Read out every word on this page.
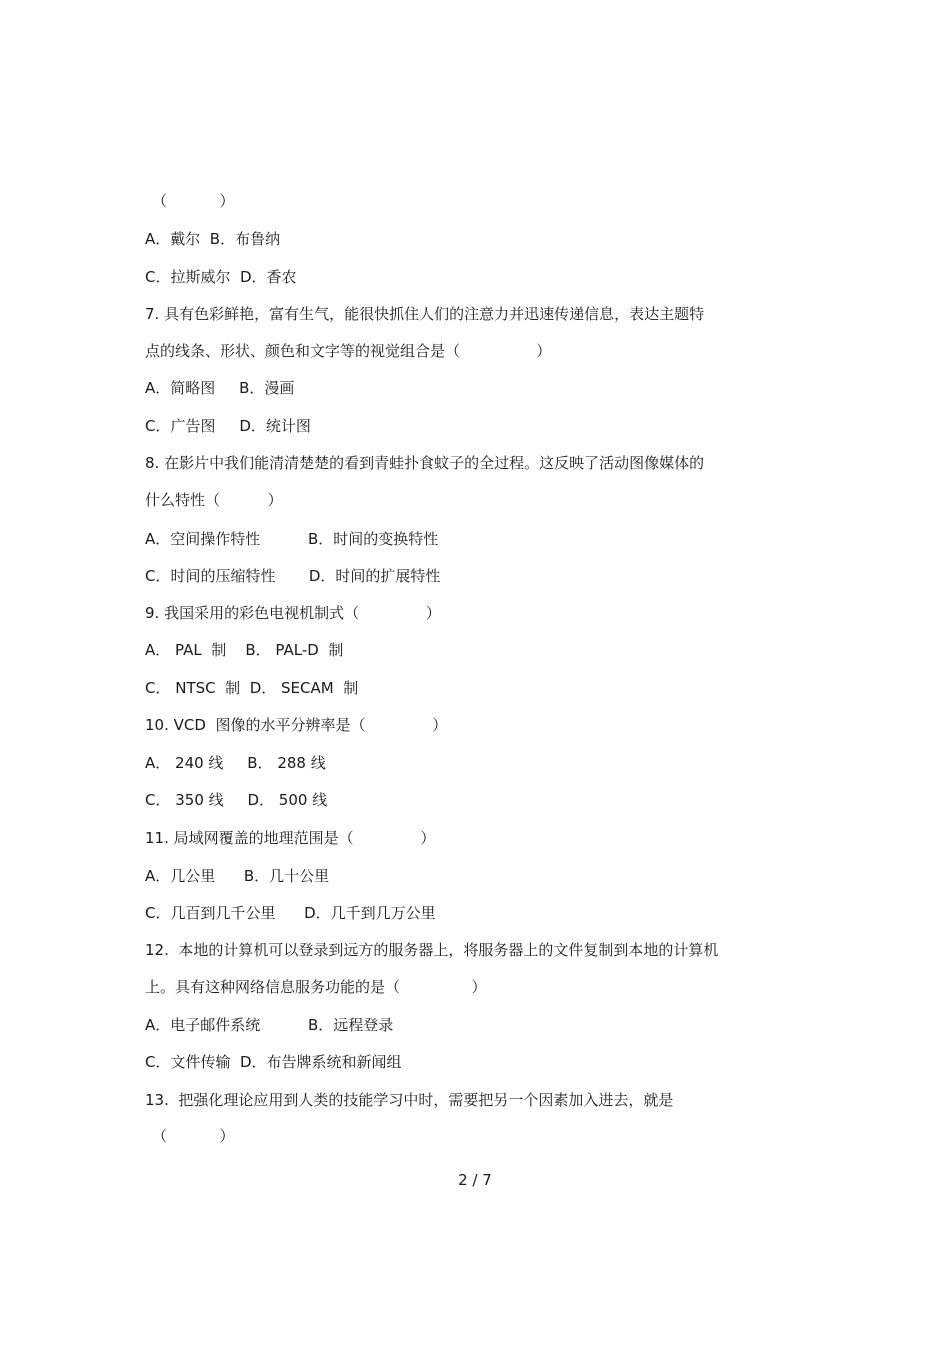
（           ）
A．戴尔  B．布鲁纳
C．拉斯威尔  D．香农
7. 具有色彩鲜艳，富有生气，能很快抓住人们的注意力并迅速传递信息，表达主题特
点的线条、形状、颜色和文字等的视觉组合是（                ）
A．简略图     B．漫画
C．广告图     D．统计图
8. 在影片中我们能清清楚楚的看到青蛙扑食蚊子的全过程。这反映了活动图像媒体的
什么特性（          ）
A．空间操作特性          B．时间的变换特性
C．时间的压缩特性       D．时间的扩展特性
9. 我国采用的彩色电视机制式（              ）
A． PAL  制    B． PAL-D  制
C． NTSC  制  D． SECAM  制
10. VCD  图像的水平分辨率是（              ）
A． 240 线     B． 288 线
C． 350 线     D． 500 线
11. 局域网覆盖的地理范围是（              ）
A．几公里      B．几十公里
C．几百到几千公里      D．几千到几万公里
12.  本地的计算机可以登录到远方的服务器上，将服务器上的文件复制到本地的计算机
上。具有这种网络信息服务功能的是（               ）
A．电子邮件系统          B．远程登录
C．文件传输  D．布告牌系统和新闻组
13.  把强化理论应用到人类的技能学习中时，需要把另一个因素加入进去，就是
（           ）
2 / 7
